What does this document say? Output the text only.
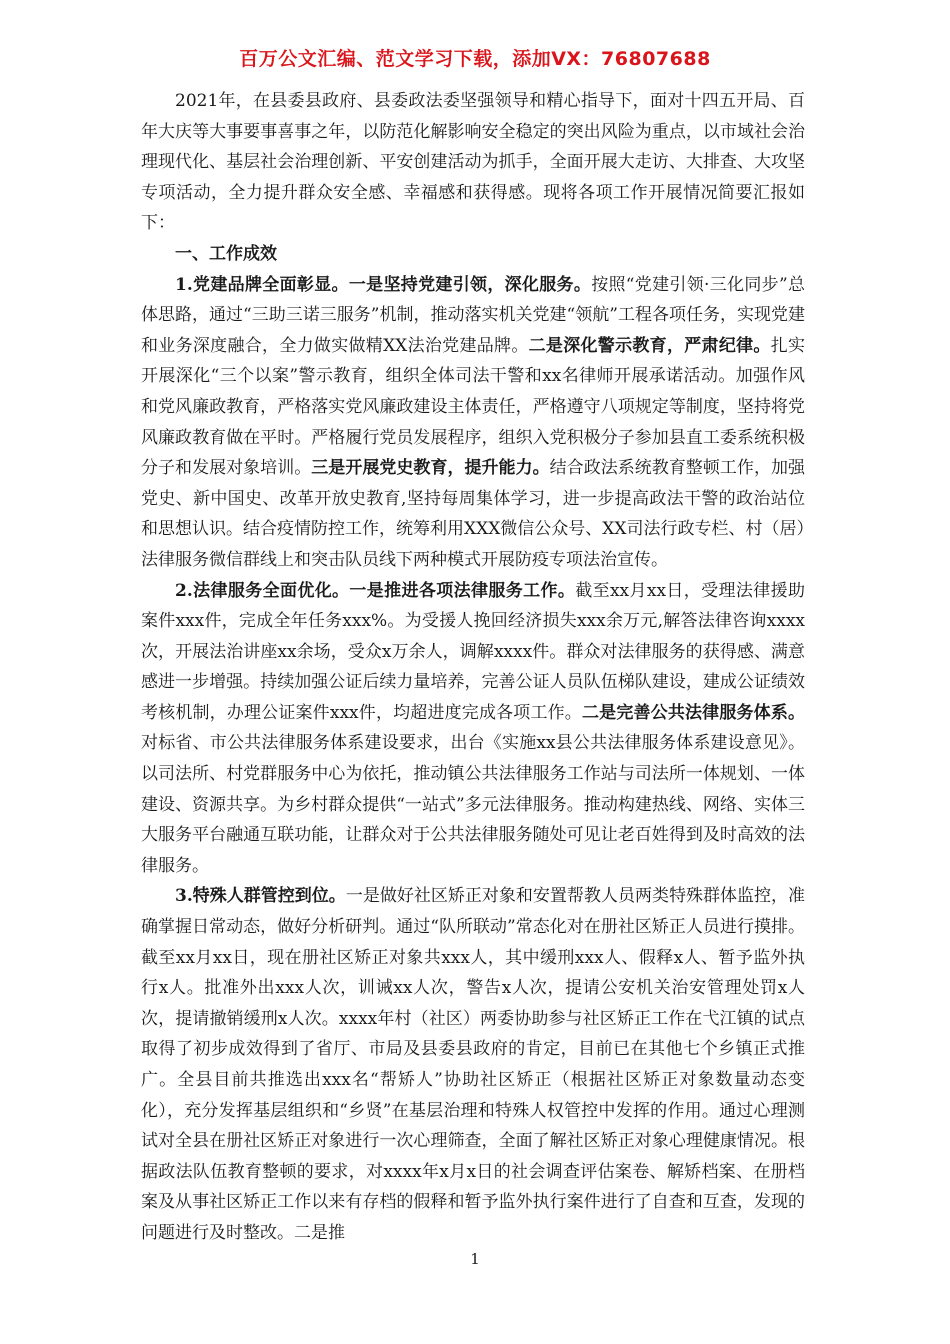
百万公文汇编、范文学习下载，添加VX：76807688

2021年，在县委县政府、县委政法委坚强领导和精心指导下，面对十四五开局、百年大庆等大事要事喜事之年，以防范化解影响安全稳定的突出风险为重点，以市域社会治理现代化、基层社会治理创新、平安创建活动为抓手，全面开展大走访、大排查、大攻坚专项活动，全力提升群众安全感、幸福感和获得感。现将各项工作开展情况简要汇报如下：

一、工作成效

1.党建品牌全面彰显。一是坚持党建引领，深化服务。按照“党建引领·三化同步”总体思路，通过“三助三诺三服务”机制，推动落实机关党建“领航”工程各项任务，实现党建和业务深度融合，全力做实做精XX法治党建品牌。二是深化警示教育，严肃纪律。扎实开展深化“三个以案”警示教育，组织全体司法干警和xx名律师开展承诺活动。加强作风和党风廉政教育，严格落实党风廉政建设主体责任，严格遵守八项规定等制度，坚持将党风廉政教育做在平时。严格履行党员发展程序，组织入党积极分子参加县直工委系统积极分子和发展对象培训。三是开展党史教育，提升能力。结合政法系统教育整顿工作，加强党史、新中国史、改革开放史教育,坚持每周集体学习，进一步提高政法干警的政治站位和思想认识。结合疫情防控工作，统筹利用XXX微信公众号、XX司法行政专栏、村（居）法律服务微信群线上和突击队员线下两种模式开展防疫专项法治宣传。

2.法律服务全面优化。一是推进各项法律服务工作。截至xx月xx日，受理法律援助案件xxx件，完成全年任务xxx%。为受援人挽回经济损失xxx余万元,解答法律咨询xxxx次，开展法治讲座xx余场，受众x万余人，调解xxxx件。群众对法律服务的获得感、满意感进一步增强。持续加强公证后续力量培养，完善公证人员队伍梯队建设，建成公证绩效考核机制，办理公证案件xxx件，均超进度完成各项工作。二是完善公共法律服务体系。对标省、市公共法律服务体系建设要求，出台《实施xx县公共法律服务体系建设意见》。以司法所、村党群服务中心为依托，推动镇公共法律服务工作站与司法所一体规划、一体建设、资源共享。为乡村群众提供“一站式”多元法律服务。推动构建热线、网络、实体三大服务平台融通互联功能，让群众对于公共法律服务随处可见让老百姓得到及时高效的法律服务。

3.特殊人群管控到位。一是做好社区矫正对象和安置帮教人员两类特殊群体监控，准确掌握日常动态，做好分析研判。通过“队所联动”常态化对在册社区矫正人员进行摸排。截至xx月xx日，现在册社区矫正对象共xxx人，其中缓刑xxx人、假释x人、暂予监外执行x人。批准外出xxx人次，训诫xx人次，警告x人次，提请公安机关治安管理处罚x人次，提请撤销缓刑x人次。xxxx年村（社区）两委协助参与社区矫正工作在弋江镇的试点取得了初步成效得到了省厅、市局及县委县政府的肯定，目前已在其他七个乡镇正式推广。全县目前共推选出xxx名“帮矫人”协助社区矫正（根据社区矫正对象数量动态变化），充分发挥基层组织和“乡贤”在基层治理和特殊人权管控中发挥的作用。通过心理测试对全县在册社区矫正对象进行一次心理筛查，全面了解社区矫正对象心理健康情况。根据政法队伍教育整顿的要求，对xxxx年x月x日的社会调查评估案卷、解矫档案、在册档案及从事社区矫正工作以来有存档的假释和暂予监外执行案件进行了自查和互查，发现的问题进行及时整改。二是推

1
